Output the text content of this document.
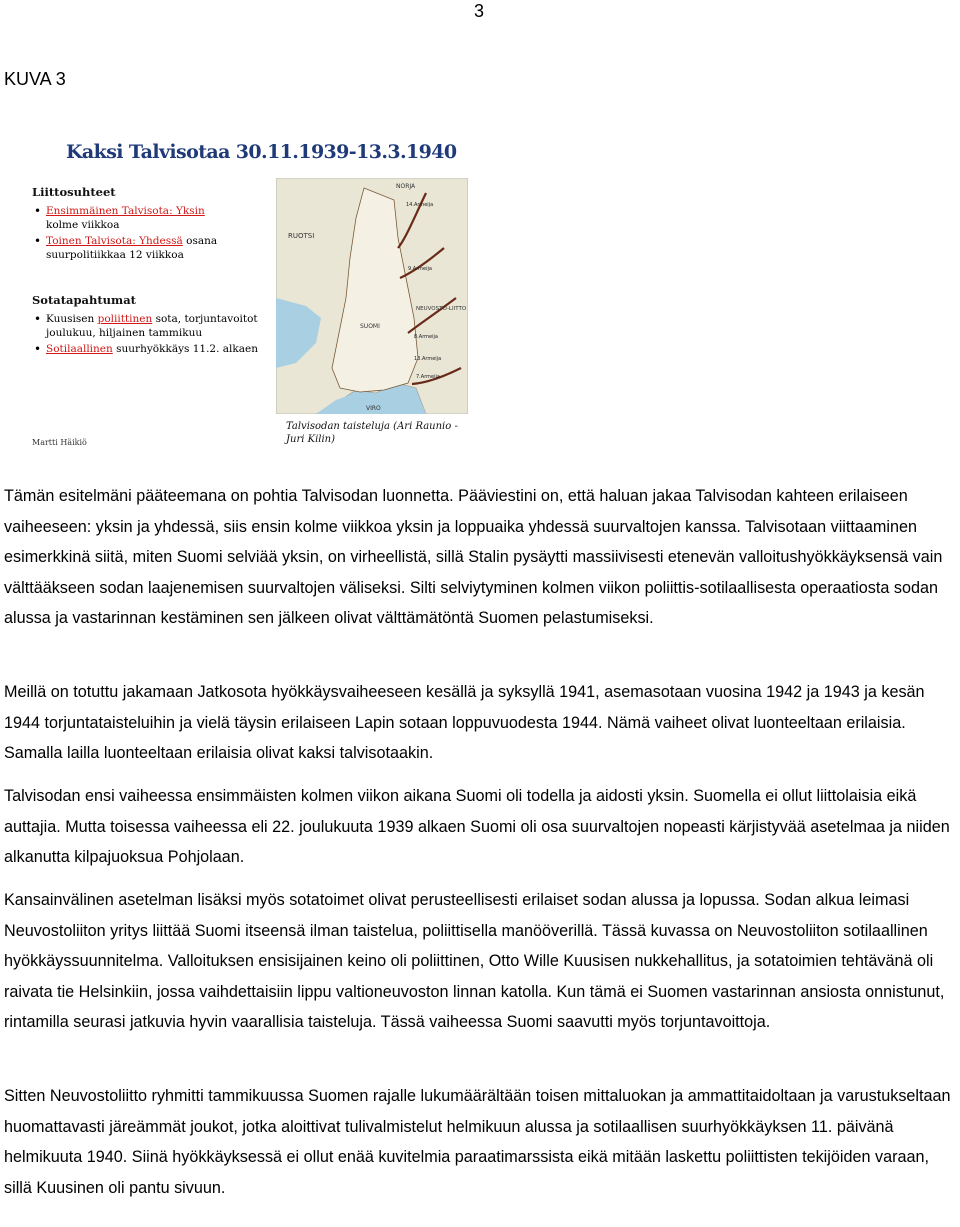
3
KUVA 3
Kaksi Talvisotaa 30.11.1939-13.3.1940
Liittosuhteet
• Ensimmäinen Talvisota: Yksin
kolme viikkoa
• Toinen Talvisota: Yhdessä osana suurpolitiikkaa 12 viikkoa
Sotatapahtumat
• Kuusisen poliittinen sota, torjuntavoitot joulukuu, hiljainen tammikuu
• Sotilaallinen suurhyökkäys 11.2. alkaen
Martti Häikiö
RUOTSI
NORJA
NEUVOSTO-LIITTO
SUOMI
14.Armeija
9.Armeija
8.Armeija
7.Armeija
13.Armeija
VIRO
Talvisodan taisteluja (Ari Raunio - Juri Kilin)

Tämän esitelmäni pääteemana on pohtia Talvisodan luonnetta. Pääviestini on, että haluan jakaa Talvisodan kahteen erilaiseen vaiheeseen: yksin ja yhdessä, siis ensin kolme viikkoa yksin ja loppuaika yhdessä suurvaltojen kanssa. Talvisotaan viittaaminen esimerkkinä siitä, miten Suomi selviää yksin, on virheellistä, sillä Stalin pysäytti massiivisesti etenevän valloitushyökkäyksensä vain välttääkseen sodan laajenemisen suurvaltojen väliseksi. Silti selviytyminen kolmen viikon poliittis-sotilaallisesta operaatiosta sodan alussa ja vastarinnan kestäminen sen jälkeen olivat välttämätöntä Suomen pelastumiseksi.

Meillä on totuttu jakamaan Jatkosota hyökkäysvaiheeseen kesällä ja syksyllä 1941, asemasotaan vuosina 1942 ja 1943 ja kesän 1944 torjuntataisteluihin ja vielä täysin erilaiseen Lapin sotaan loppuvuodesta 1944. Nämä vaiheet olivat luonteeltaan erilaisia. Samalla lailla luonteeltaan erilaisia olivat kaksi talvisotaakin.

Talvisodan ensi vaiheessa ensimmäisten kolmen viikon aikana Suomi oli todella ja aidosti yksin. Suomella ei ollut liittolaisia eikä auttajia. Mutta toisessa vaiheessa eli 22. joulukuuta 1939 alkaen Suomi oli osa suurvaltojen nopeasti kärjistyvää asetelmaa ja niiden alkanutta kilpajuoksua Pohjolaan.

Kansainvälinen asetelman lisäksi myös sotatoimet olivat perusteellisesti erilaiset sodan alussa ja lopussa. Sodan alkua leimasi Neuvostoliiton yritys liittää Suomi itseensä ilman taistelua, poliittisella manööverillä. Tässä kuvassa on Neuvostoliiton sotilaallinen hyökkäyssuunnitelma. Valloituksen ensisijainen keino oli poliittinen, Otto Wille Kuusisen nukkehallitus, ja sotatoimien tehtävänä oli raivata tie Helsinkiin, jossa vaihdettaisiin lippu valtioneuvoston linnan katolla. Kun tämä ei Suomen vastarinnan ansiosta onnistunut, rintamilla seurasi jatkuvia hyvin vaarallisia taisteluja. Tässä vaiheessa Suomi saavutti myös torjuntavoittoja.

Sitten Neuvostoliitto ryhmitti tammikuussa Suomen rajalle lukumäärältään toisen mittaluokan ja ammattitaidoltaan ja varustukseltaan huomattavasti järeämmät joukot, jotka aloittivat tulivalmistelut helmikuun alussa ja sotilaallisen suurhyökkäyksen 11. päivänä helmikuuta 1940. Siinä hyökkäyksessä ei ollut enää kuvitelmia paraatimarssista eikä mitään laskettu poliittisten tekijöiden varaan, sillä Kuusinen oli pantu sivuun.
